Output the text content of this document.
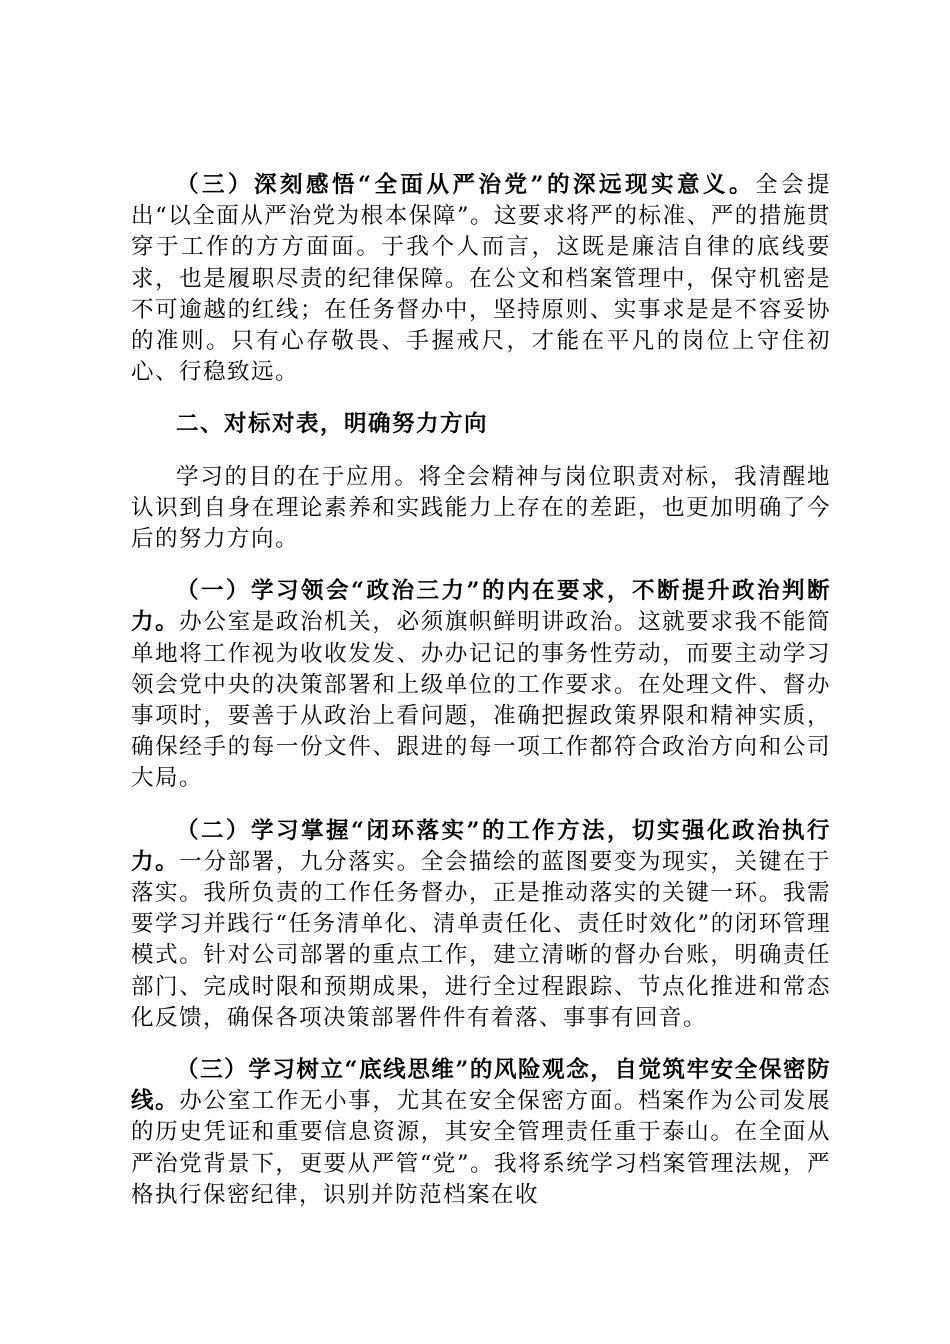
（三）深刻感悟“全面从严治党”的深远现实意义。全会提出“以全面从严治党为根本保障”。这要求将严的标准、严的措施贯穿于工作的方方面面。于我个人而言，这既是廉洁自律的底线要求，也是履职尽责的纪律保障。在公文和档案管理中，保守机密是不可逾越的红线；在任务督办中，坚持原则、实事求是是不容妥协的准则。只有心存敬畏、手握戒尺，才能在平凡的岗位上守住初心、行稳致远。

二、对标对表，明确努力方向

学习的目的在于应用。将全会精神与岗位职责对标，我清醒地认识到自身在理论素养和实践能力上存在的差距，也更加明确了今后的努力方向。

（一）学习领会“政治三力”的内在要求，不断提升政治判断力。办公室是政治机关，必须旗帜鲜明讲政治。这就要求我不能简单地将工作视为收收发发、办办记记的事务性劳动，而要主动学习领会党中央的决策部署和上级单位的工作要求。在处理文件、督办事项时，要善于从政治上看问题，准确把握政策界限和精神实质，确保经手的每一份文件、跟进的每一项工作都符合政治方向和公司大局。

（二）学习掌握“闭环落实”的工作方法，切实强化政治执行力。一分部署，九分落实。全会描绘的蓝图要变为现实，关键在于落实。我所负责的工作任务督办，正是推动落实的关键一环。我需要学习并践行“任务清单化、清单责任化、责任时效化”的闭环管理模式。针对公司部署的重点工作，建立清晰的督办台账，明确责任部门、完成时限和预期成果，进行全过程跟踪、节点化推进和常态化反馈，确保各项决策部署件件有着落、事事有回音。

（三）学习树立“底线思维”的风险观念，自觉筑牢安全保密防线。办公室工作无小事，尤其在安全保密方面。档案作为公司发展的历史凭证和重要信息资源，其安全管理责任重于泰山。在全面从严治党背景下，更要从严管“党”。我将系统学习档案管理法规，严格执行保密纪律，识别并防范档案在收
